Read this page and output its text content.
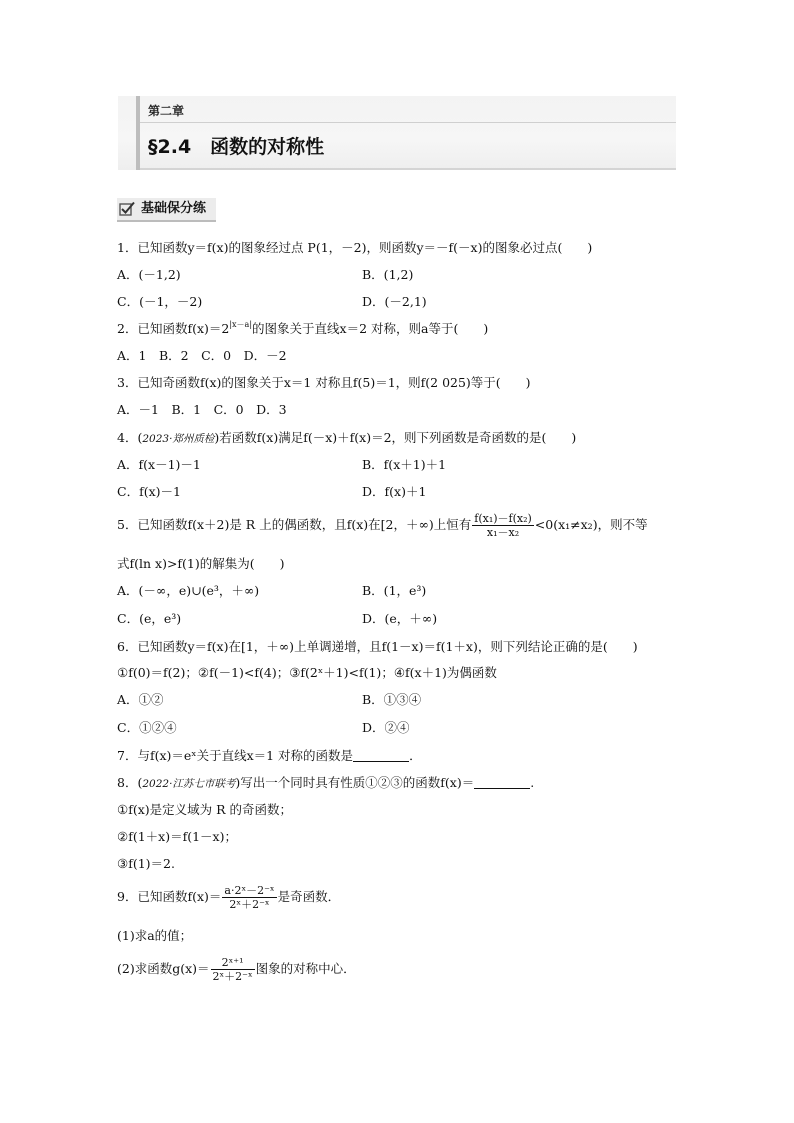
第二章
§2.4　函数的对称性
基础保分练
1．已知函数y＝f(x)的图象经过点 P(1，－2)，则函数y＝－f(－x)的图象必过点(　　)
A．(－1,2)	B．(1,2)
C．(－1，－2)	D．(－2,1)
2．已知函数$f(x)=2^{|x-a|}$的图象关于直线x＝2 对称，则a等于(　　)
A．1　B．2　C．0　D．－2
3．已知奇函数f(x)的图象关于x＝1 对称且f(5)＝1，则f(2 025)等于(　　)
A．－1　B．1　C．0　D．3
4．(2023·郑州质检)若函数f(x)满足f(－x)＋f(x)＝2，则下列函数是奇函数的是(　　)
A．f(x－1)－1	B．f(x＋1)＋1
C．f(x)－1	D．f(x)＋1
5．已知函数f(x＋2)是 R 上的偶函数，且f(x)在[2，＋∞)上恒有 $\frac{\text{f(x₁)－f(x₂)}}{\text{x₁－x₂}} <0(x_1\ne x_2)$，则不等
式f(ln x)>f(1)的解集为(　　)
A．(－∞，e)∪(e³，＋∞)	B．(1，e³)
C．(e，e³)	D．(e，＋∞)
6．已知函数y＝f(x)在[1，＋∞)上单调递增，且f(1－x)＝f(1＋x)，则下列结论正确的是(　　)
①f(0)＝f(2)；②f(－1)<f(4)；③f(2ˣ＋1)<f(1)；④f(x＋1)为偶函数
A．①②	B．①③④
C．①②④	D．②④
7．与f(x)＝eˣ关于直线x＝1 对称的函数是	．
8．(2022·江苏七市联考)写出一个同时具有性质①②③的函数f(x)＝	.
①f(x)是定义域为 R 的奇函数；
②f(1＋x)＝f(1－x)；
③f(1)＝2.
9．已知函数$f(x)= \frac{\text{a·2ˣ－2⁻ˣ}}{\text{2ˣ＋2⁻ˣ}}$ 是奇函数．
(1)求a的值；
(2)求函数$g(x)= \frac{\text{2ˣ⁺¹}}{\text{2ˣ＋2⁻ˣ}}$ 图象的对称中心．
